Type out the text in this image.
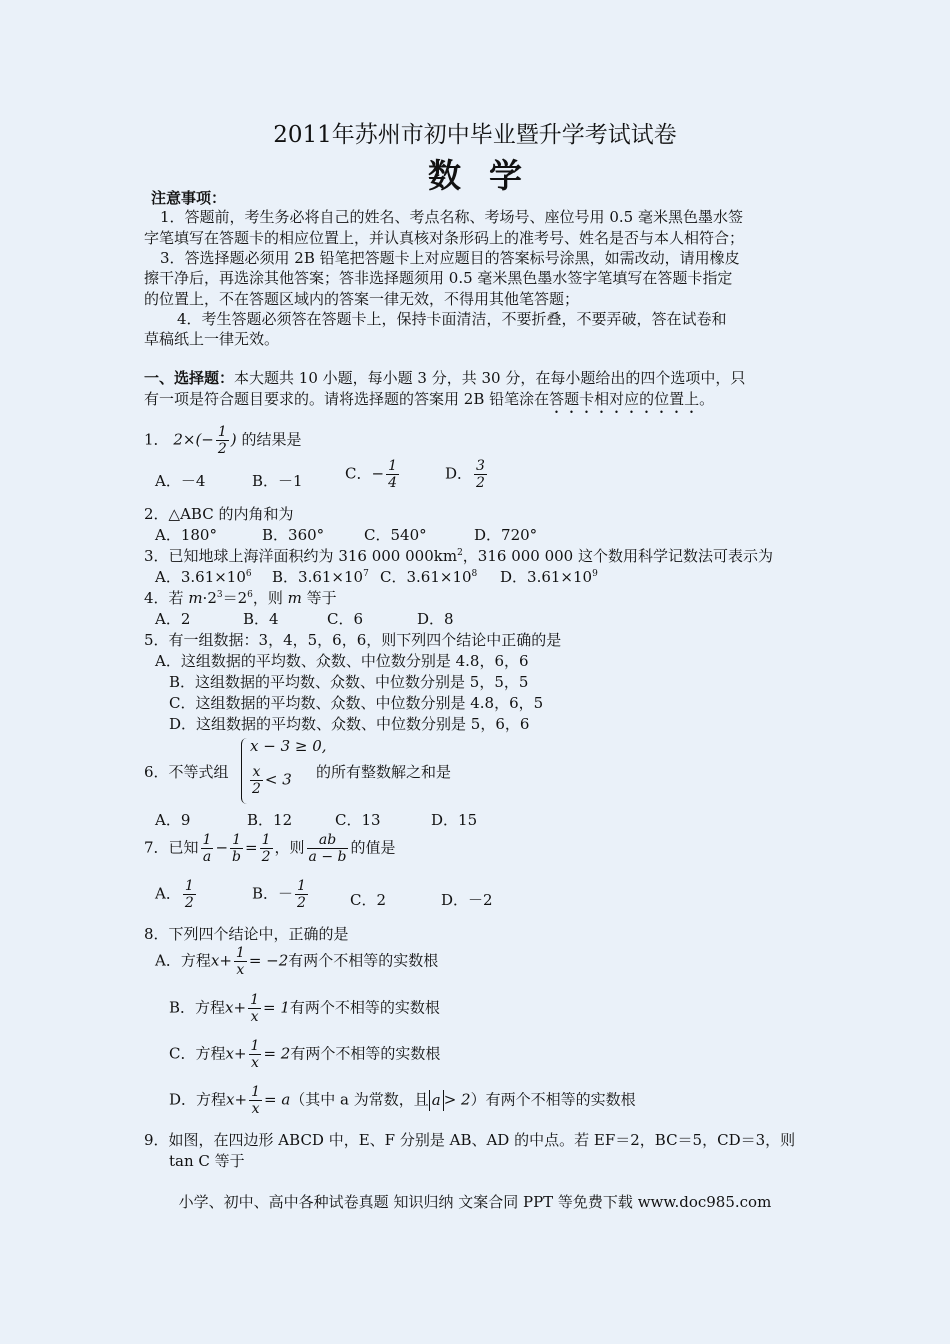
2011年苏州市初中毕业暨升学考试试卷
数学
注意事项：
1．答题前，考生务必将自己的姓名、考点名称、考场号、座位号用 0.5 毫米黑色墨水签
字笔填写在答题卡的相应位置上，并认真核对条形码上的准考号、姓名是否与本人相符合；
3．答选择题必须用 2B 铅笔把答题卡上对应题目的答案标号涂黑，如需改动，请用橡皮
擦干净后，再选涂其他答案；答非选择题须用 0.5 毫米黑色墨水签字笔填写在答题卡指定
的位置上，不在答题区域内的答案一律无效，不得用其他笔答题；
4．考生答题必须答在答题卡上，保持卡面清洁，不要折叠，不要弄破，答在试卷和
草稿纸上一律无效。
一、选择题：本大题共 10 小题，每小题 3 分，共 30 分，在每小题给出的四个选项中，只
有一项是符合题目要求的。请将选择题的答案用 2B 铅笔涂在答题卡相对应的位置上。
1． $2\times(- \frac{1}{2}$ ) 的结果是
A．－4	B．－1	C．− $\frac{1}{4}$	D． $\frac{3}{2}$
2．△ABC 的内角和为
A．180°	B．360°	C．540°	D．720°
3．已知地球上海洋面积约为 316 000 $000km^2$，316 000 000 这个数用科学记数法可表示为
A．$3.61\times 10^6$ B．$3.61\times 10^7$ C．$3.61\times 10^8$ D．$3.61\times 10^9$
4．若 $m\cdot 2^3=2^6$，则 m 等于
A．2	B．4	C．6	D．8
5．有一组数据：3，4，5，6，6，则下列四个结论中正确的是
A．这组数据的平均数、众数、中位数分别是 4.8，6，6
B．这组数据的平均数、众数、中位数分别是 5，5，5
C．这组数据的平均数、众数、中位数分别是 4.8，6，5
D．这组数据的平均数、众数、中位数分别是 5，6，6
6．不等式组
x − 3 ≥ 0,
$\frac{x}{2} < 3$ 的所有整数解之和是
A．9	B．12	C．13	D．15
7．已知 $\frac{1}{a} - \frac{1}{b} = \frac{1}{2}$ ，则 $\frac{ab}{a - b}$ 的值是
A． $\frac{1}{2}$	B．－ $\frac{1}{2}$	C．2	D．－2
8．下列四个结论中，正确的是
A．方程$x+ \frac{1}{x} = -2$有两个不相等的实数根
B．方程$x+ \frac{1}{x} = 1$有两个不相等的实数根
C．方程$x+ \frac{1}{x} = 2$有两个不相等的实数根
D．方程$x+ \frac{1}{x} = a$（其中 a 为常数，且 a > 2）有两个不相等的实数根
9．如图，在四边形 ABCD 中，E、F 分别是 AB、AD 的中点。若 EF＝2，BC＝5，CD＝3，则
tan C 等于
小学、初中、高中各种试卷真题 知识归纳 文案合同 PPT 等免费下载 www.doc985.com
